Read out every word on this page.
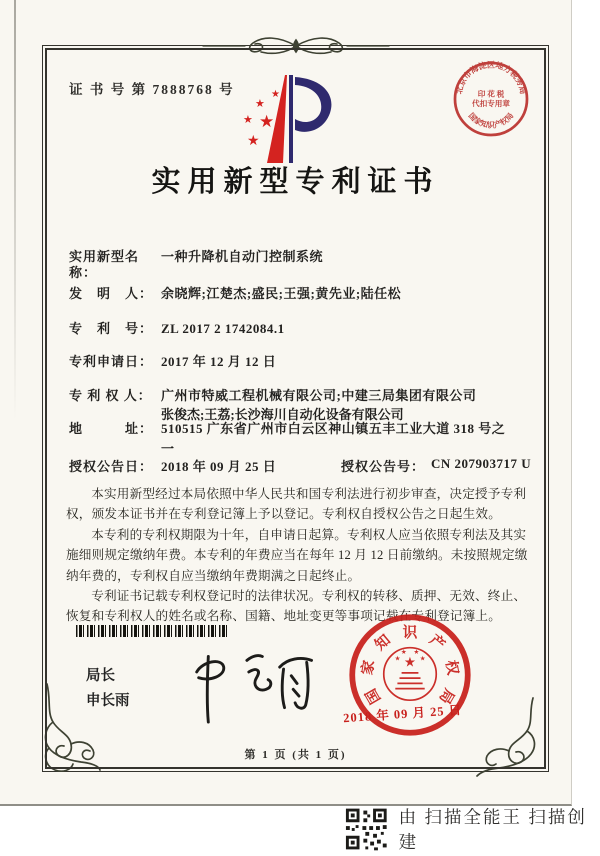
证 书 号 第 7888768 号	北京市海淀区地方税务局
国家知识产权局
印 花 税
代扣专用章
★
★
★ ★
★
实用新型专利证书
实用新型名称：
一种升降机自动门控制系统
发　明　人： 余晓辉;江楚杰;盛民;王强;黄先业;陆任松
专　利　号： ZL 2017 2 1742084.1
专利申请日： 2017 年 12 月 12 日
专 利 权 人： 广州市特威工程机械有限公司;中建三局集团有限公司
张俊杰;王荔;长沙海川自动化设备有限公司
地　　　址： 510515 广东省广州市白云区神山镇五丰工业大道 318 号之
一
授权公告日： 2018 年 09 月 25 日	授权公告号： CN 207903717 U

本实用新型经过本局依照中华人民共和国专利法进行初步审查，决定授予专利权，颁发本证书并在专利登记簿上予以登记。专利权自授权公告之日起生效。

本专利的专利权期限为十年，自申请日起算。专利权人应当依照专利法及其实施细则规定缴纳年费。本专利的年费应当在每年 12 月 12 日前缴纳。未按照规定缴纳年费的，专利权自应当缴纳年费期满之日起终止。

专利证书记载专利权登记时的法律状况。专利权的转移、质押、无效、终止、恢复和专利权人的姓名或名称、国籍、地址变更等事项记载在专利登记簿上。

局长
申长雨	国
家
知 识 产
权
局
★
★
★ ★
★
2018 年 09 月 25 日
第 1 页 (共 1 页)
由 扫描全能王 扫描创建
